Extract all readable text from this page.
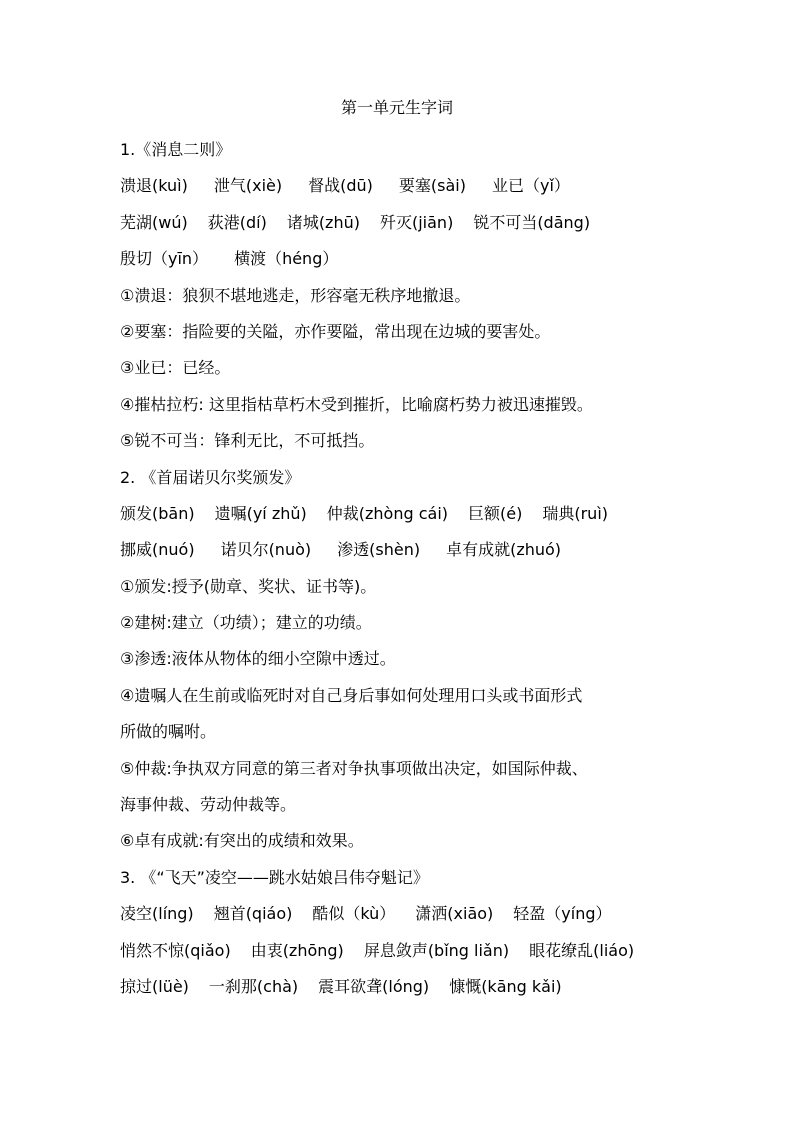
第一单元生字词
1.《消息二则》
溃退(kuì) 泄气(xiè) 督战(dū) 要塞(sài) 业已（yǐ）
芜湖(wú) 荻港(dí) 诸城(zhū) 歼灭(jiān) 锐不可当(dāng)
殷切（yīn） 横渡（héng）
①溃退：狼狈不堪地逃走，形容毫无秩序地撤退。
②要塞：指险要的关隘，亦作要隘，常出现在边城的要害处。
③业已：已经。
④摧枯拉朽: 这里指枯草朽木受到摧折，比喻腐朽势力被迅速摧毁。
⑤锐不可当：锋利无比，不可抵挡。
2. 《首届诺贝尔奖颁发》
颁发(bān) 遗嘱(yí zhǔ) 仲裁(zhòng cái) 巨额(é) 瑞典(ruì)
挪威(nuó) 诺贝尔(nuò) 渗透(shèn) 卓有成就(zhuó)
①颁发:授予(勋章、奖状、证书等)。
②建树:建立（功绩）；建立的功绩。
③渗透:液体从物体的细小空隙中透过。
④遗嘱人在生前或临死时对自己身后事如何处理用口头或书面形式
所做的嘱咐。
⑤仲裁:争执双方同意的第三者对争执事项做出决定，如国际仲裁、
海事仲裁、劳动仲裁等。
⑥卓有成就:有突出的成绩和效果。
3. 《“飞天”凌空——跳水姑娘吕伟夺魁记》
凌空(líng) 翘首(qiáo) 酷似（kù） 潇洒(xiāo) 轻盈（yíng）
悄然不惊(qiǎo) 由衷(zhōng) 屏息敛声(bǐng liǎn) 眼花缭乱(liáo)
掠过(lüè) 一刹那(chà) 震耳欲聋(lóng) 慷慨(kāng kǎi)
